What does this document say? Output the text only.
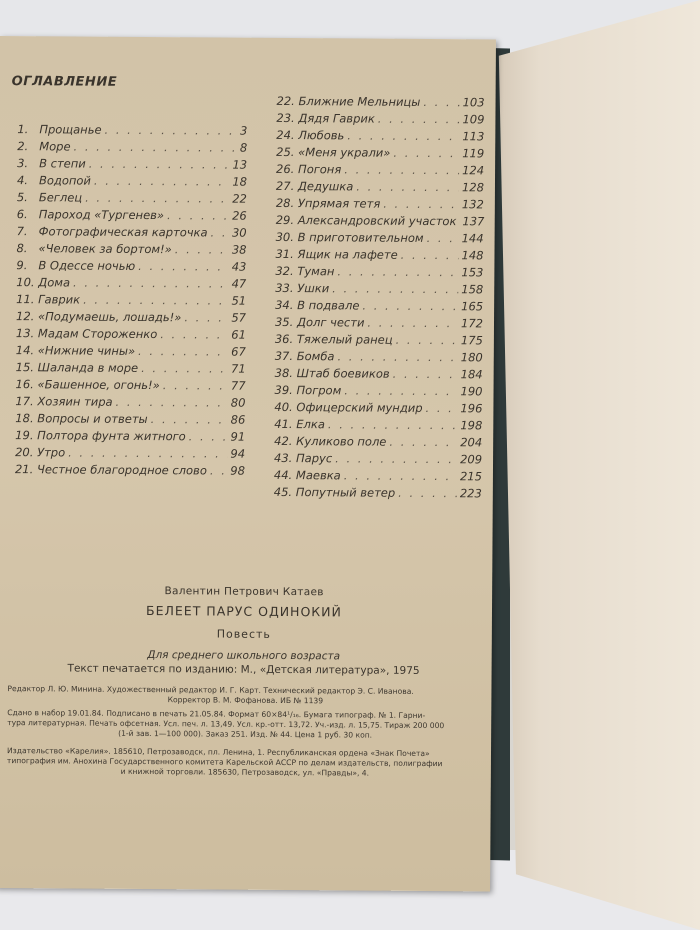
ОГЛАВЛЕНИЕ
1. Прощанье . . .	3
2. Море . . .	8
3. В степи . . .	13
4. Водопой . . .	18
5. Беглец . . .	22
6. Пароход «Тургенев» . . .	26
7. Фотографическая карточка . . . 30
8. «Человек за бортом!» . . .	38
9. В Одессе ночью . . .	43
10. Дома . . .	47
11. Гаврик . . .	51
12. «Подумаешь, лошадь!» . . .	57
13. Мадам Стороженко . . .	61
14. «Нижние чины» . . .	67
15. Шаланда в море . . .	71
16. «Башенное, огонь!» . . .	77
17. Хозяин тира . . .	80
18. Вопросы и ответы . . .	86
19. Полтора фунта житного . . .	91
20. Утро . . .	94
21. Честное благородное слово . . . 98
22. Ближние Мельницы . . .	103
23. Дядя Гаврик . . .	109
24. Любовь . . .	113
25. «Меня украли» . . .	119
26. Погоня . . .	124
27. Дедушка . . .	128
28. Упрямая тетя . . .	132
29. Александровский участок . . . 137
30. В приготовительном . . .	144
31. Ящик на лафете . . .	148
32. Туман . . .	153
33. Ушки . . .	158
34. В подвале . . .	165
35. Долг чести . . .	172
36. Тяжелый ранец . . .	175
37. Бомба . . .	180
38. Штаб боевиков . . .	184
39. Погром . . .	190
40. Офицерский мундир . . .	196
41. Елка . . .	198
42. Куликово поле . . .	204
43. Парус . . .	209
44. Маевка . . .	215
45. Попутный ветер . . .	223
Валентин Петрович Катаев
БЕЛЕЕТ ПАРУС ОДИНОКИЙ
Повесть
Для среднего школьного возраста
Текст печатается по изданию: М., «Детская литература», 1975
Редактор Л. Ю. Минина. Художественный редактор И. Г. Карт. Технический редактор Э. С. Иванова.
Корректор В. М. Фофанова. ИБ № 1139
Сдано в набор 19.01.84. Подписано в печать 21.05.84. Формат 60×84¹/₁₆. Бумага типограф. № 1. Гарни-
тура литературная. Печать офсетная. Усл. печ. л. 13,49. Усл. кр.-отт. 13,72. Уч.-изд. л. 15,75. Тираж 200 000
(1-й зав. 1—100 000). Заказ 251. Изд. № 44. Цена 1 руб. 30 коп.
Издательство «Карелия». 185610, Петрозаводск, пл. Ленина, 1. Республиканская ордена «Знак Почета»
типография им. Анохина Государственного комитета Карельской АССР по делам издательств, полиграфии
и книжной торговли. 185630, Петрозаводск, ул. «Правды», 4.
